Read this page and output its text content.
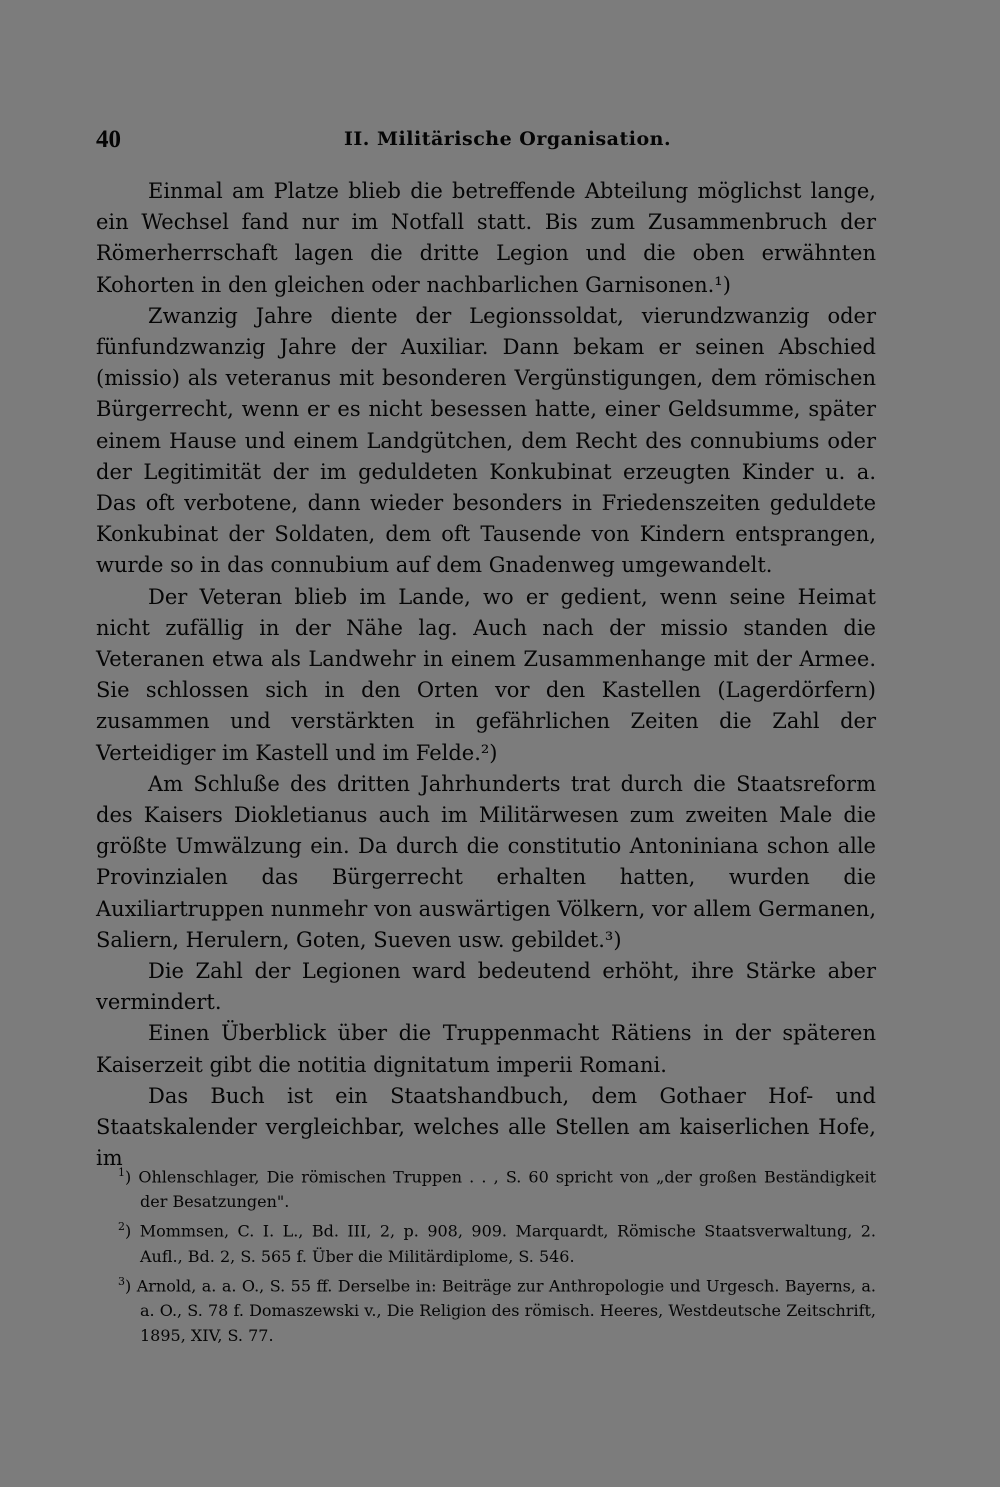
40	II. Militärische Organisation.

Einmal am Platze blieb die betreffende Abteilung möglichst lange, ein Wechsel fand nur im Notfall statt. Bis zum Zusammenbruch der Römerherrschaft lagen die dritte Legion und die oben erwähnten Kohorten in den gleichen oder nachbarlichen Garnisonen.¹)

Zwanzig Jahre diente der Legionssoldat, vierundzwanzig oder fünfundzwanzig Jahre der Auxiliar. Dann bekam er seinen Abschied (missio) als veteranus mit besonderen Vergünstigungen, dem römischen Bürgerrecht, wenn er es nicht besessen hatte, einer Geldsumme, später einem Hause und einem Landgütchen, dem Recht des connubiums oder der Legitimität der im geduldeten Konkubinat erzeugten Kinder u. a. Das oft verbotene, dann wieder besonders in Friedenszeiten geduldete Konkubinat der Soldaten, dem oft Tausende von Kindern entsprangen, wurde so in das connubium auf dem Gnadenweg umgewandelt.

Der Veteran blieb im Lande, wo er gedient, wenn seine Heimat nicht zufällig in der Nähe lag. Auch nach der missio standen die Veteranen etwa als Landwehr in einem Zusammenhange mit der Armee. Sie schlossen sich in den Orten vor den Kastellen (Lagerdörfern) zusammen und verstärkten in gefährlichen Zeiten die Zahl der Verteidiger im Kastell und im Felde.²)

Am Schluße des dritten Jahrhunderts trat durch die Staatsreform des Kaisers Diokletianus auch im Militärwesen zum zweiten Male die größte Umwälzung ein. Da durch die constitutio Antoniniana schon alle Provinzialen das Bürgerrecht erhalten hatten, wurden die Auxiliartruppen nunmehr von auswärtigen Völkern, vor allem Germanen, Saliern, Herulern, Goten, Sueven usw. gebildet.³)

Die Zahl der Legionen ward bedeutend erhöht, ihre Stärke aber vermindert.

Einen Überblick über die Truppenmacht Rätiens in der späteren Kaiserzeit gibt die notitia dignitatum imperii Romani.

Das Buch ist ein Staatshandbuch, dem Gothaer Hof- und Staatskalender vergleichbar, welches alle Stellen am kaiserlichen Hofe, im

$^1$) Ohlenschlager, Die römischen Truppen . . , S. 60 spricht von „der großen Beständigkeit der Besatzungen".

$^2$) Mommsen, C. I. L., Bd. III, 2, p. 908, 909. Marquardt, Römische Staatsverwaltung, 2. Aufl., Bd. 2, S. 565 f. Über die Militärdiplome, S. 546.

$^3$) Arnold, a. a. O., S. 55 ff. Derselbe in: Beiträge zur Anthropologie und Urgesch. Bayerns, a. a. O., S. 78 f. Domaszewski v., Die Religion des römisch. Heeres, Westdeutsche Zeitschrift, 1895, XIV, S. 77.
